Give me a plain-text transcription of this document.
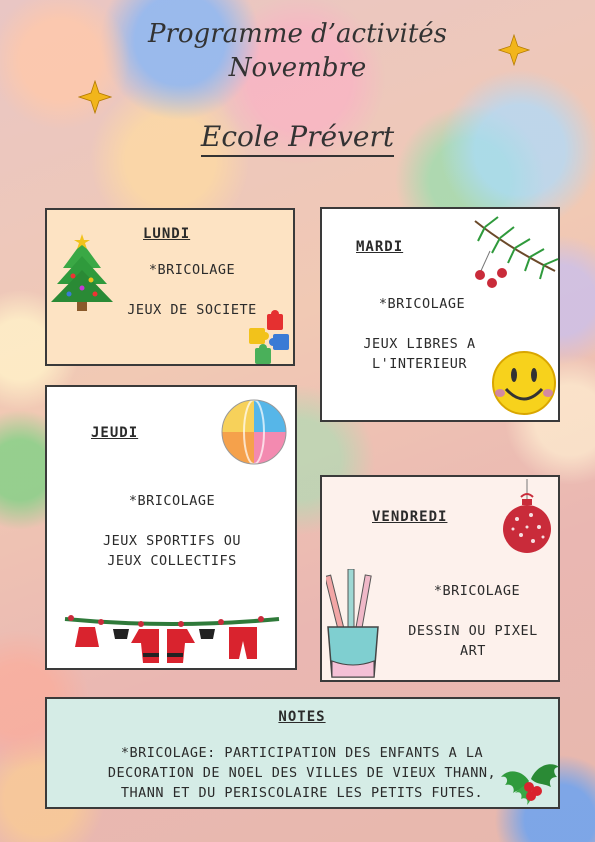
Programme d’activités
Novembre
Ecole Prévert
LUNDI
*BRICOLAGE
JEUX DE SOCIETE
MARDI
*BRICOLAGE
JEUX LIBRES A
L'INTERIEUR
JEUDI
*BRICOLAGE
JEUX SPORTIFS OU
JEUX COLLECTIFS
VENDREDI
*BRICOLAGE
DESSIN OU PIXEL
ART
NOTES
*BRICOLAGE: PARTICIPATION DES ENFANTS A LA
DECORATION DE NOEL DES VILLES DE VIEUX THANN,
THANN ET DU PERISCOLAIRE LES PETITS FUTES.
